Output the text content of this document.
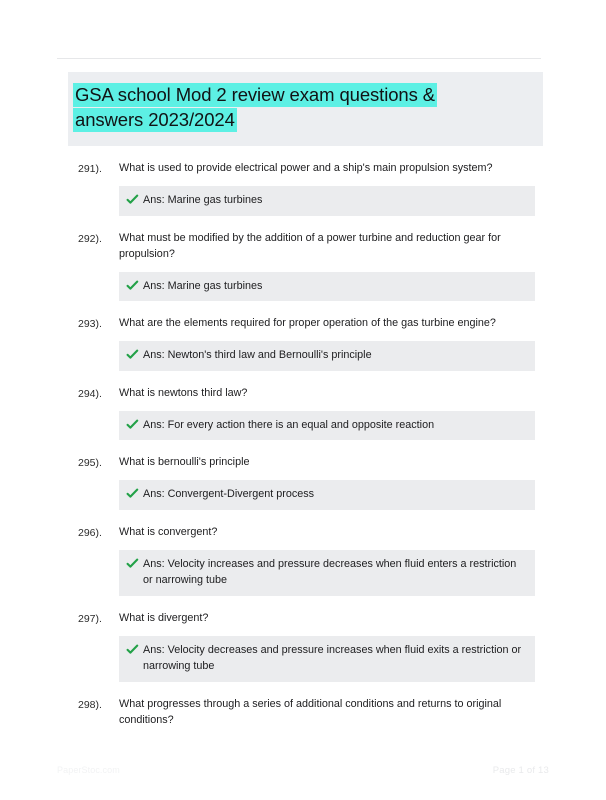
GSA school Mod 2 review exam questions &
answers 2023/2024
291).	What is used to provide electrical power and a ship's main propulsion system?
Ans: Marine gas turbines
292).	What must be modified by the addition of a power turbine and reduction gear for propulsion?
Ans: Marine gas turbines
293).	What are the elements required for proper operation of the gas turbine engine?
Ans: Newton's third law and Bernoulli's principle
294).	What is newtons third law?
Ans: For every action there is an equal and opposite reaction
295).	What is bernoulli's principle
Ans: Convergent-Divergent process
296).	What is convergent?
Ans: Velocity increases and pressure decreases when fluid enters a restriction or narrowing tube
297).	What is divergent?
Ans: Velocity decreases and pressure increases when fluid exits a restriction or narrowing tube
298).	What progresses through a series of additional conditions and returns to original conditions?
PaperStoc.com	Page 1 of 13
